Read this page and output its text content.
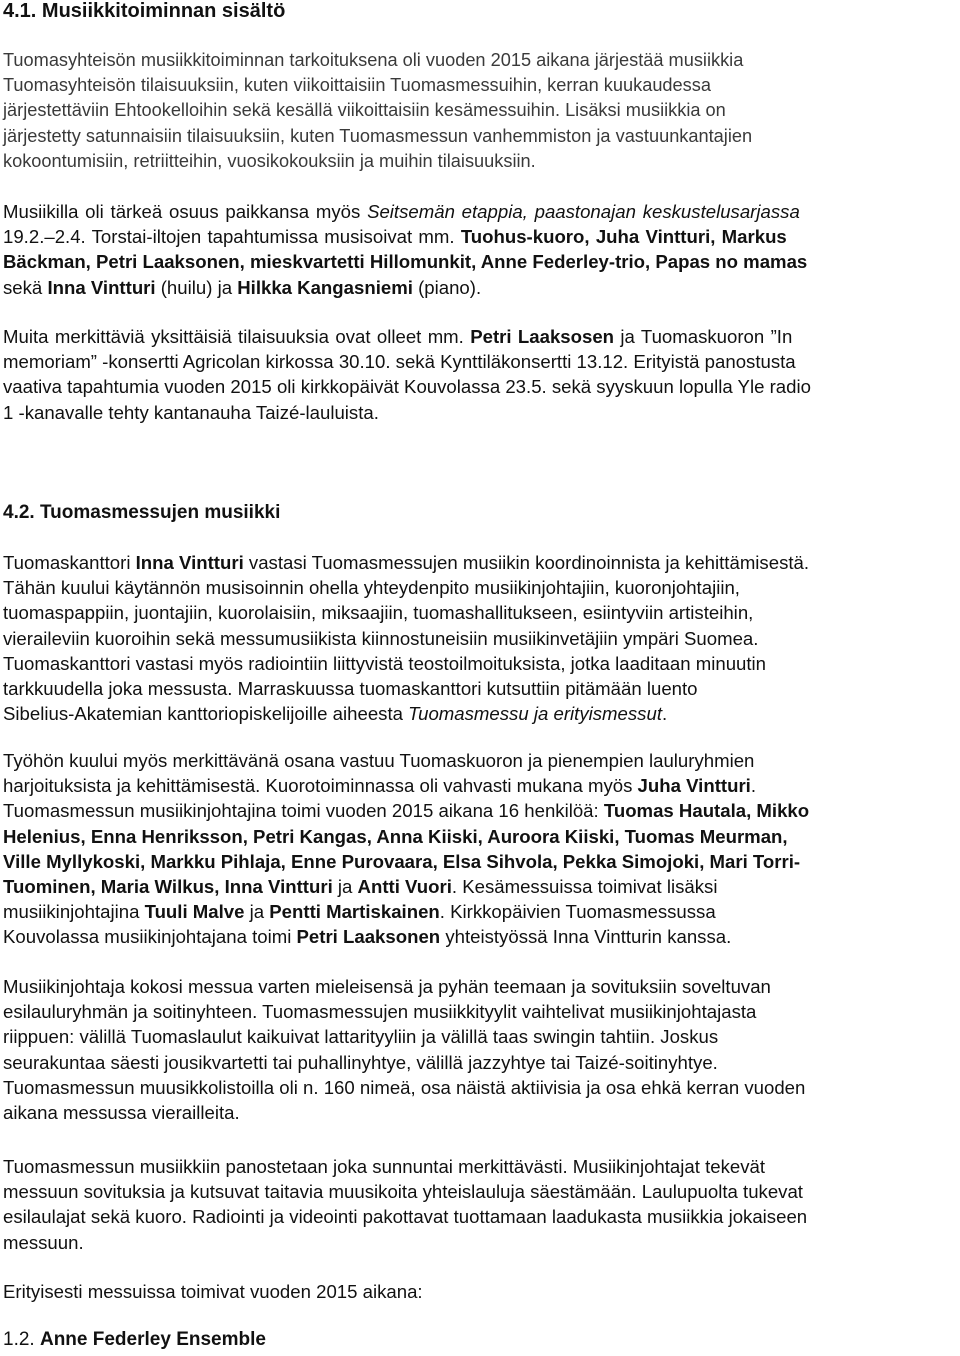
4.1. Musiikkitoiminnan sisältö

Tuomasyhteisön musiikkitoiminnan tarkoituksena oli vuoden 2015 aikana järjestää musiikkia

Tuomasyhteisön tilaisuuksiin, kuten viikoittaisiin Tuomasmessuihin, kerran kuukaudessa

järjestettäviin Ehtookelloihin sekä kesällä viikoittaisiin kesämessuihin. Lisäksi musiikkia on

järjestetty satunnaisiin tilaisuuksiin, kuten Tuomasmessun vanhemmiston ja vastuunkantajien

kokoontumisiin, retriitteihin, vuosikokouksiin ja muihin tilaisuuksiin.

Musiikilla oli tärkeä osuus paikkansa myös Seitsemän etappia, paastonajan keskustelusarjassa

19.2.–2.4. Torstai-iltojen tapahtumissa musisoivat mm. Tuohus-kuoro, Juha Vintturi, Markus

Bäckman, Petri Laaksonen, mieskvartetti Hillomunkit, Anne Federley-trio, Papas no mamas

sekä Inna Vintturi (huilu) ja Hilkka Kangasniemi (piano).

Muita merkittäviä yksittäisiä tilaisuuksia ovat olleet mm. Petri Laaksosen ja Tuomaskuoron ”In

memoriam” -konsertti Agricolan kirkossa 30.10. sekä Kynttiläkonsertti 13.12. Erityistä panostusta

vaativa tapahtumia vuoden 2015 oli kirkkopäivät Kouvolassa 23.5. sekä syyskuun lopulla Yle radio

1 -kanavalle tehty kantanauha Taizé-lauluista.

4.2. Tuomasmessujen musiikki

Tuomaskanttori Inna Vintturi vastasi Tuomasmessujen musiikin koordinoinnista ja kehittämisestä.

Tähän kuului käytännön musisoinnin ohella yhteydenpito musiikinjohtajiin, kuoronjohtajiin,

tuomaspappiin, juontajiin, kuorolaisiin, miksaajiin, tuomashallitukseen, esiintyviin artisteihin,

vieraileviin kuoroihin sekä messumusiikista kiinnostuneisiin musiikinvetäjiin ympäri Suomea.

Tuomaskanttori vastasi myös radiointiin liittyvistä teostoilmoituksista, jotka laaditaan minuutin

tarkkuudella joka messusta. Marraskuussa tuomaskanttori kutsuttiin pitämään luento

Sibelius-Akatemian kanttoriopiskelijoille aiheesta Tuomasmessu ja erityismessut.

Työhön kuului myös merkittävänä osana vastuu Tuomaskuoron ja pienempien lauluryhmien

harjoituksista ja kehittämisestä. Kuorotoiminnassa oli vahvasti mukana myös Juha Vintturi.

Tuomasmessun musiikinjohtajina toimi vuoden 2015 aikana 16 henkilöä: Tuomas Hautala, Mikko

Helenius, Enna Henriksson, Petri Kangas, Anna Kiiski, Auroora Kiiski, Tuomas Meurman,

Ville Myllykoski, Markku Pihlaja, Enne Purovaara, Elsa Sihvola, Pekka Simojoki, Mari Torri-

Tuominen, Maria Wilkus, Inna Vintturi ja Antti Vuori. Kesämessuissa toimivat lisäksi

musiikinjohtajina Tuuli Malve ja Pentti Martiskainen. Kirkkopäivien Tuomasmessussa

Kouvolassa musiikinjohtajana toimi Petri Laaksonen yhteistyössä Inna Vintturin kanssa.

Musiikinjohtaja kokosi messua varten mieleisensä ja pyhän teemaan ja sovituksiin soveltuvan

esilauluryhmän ja soitinyhteen. Tuomasmessujen musiikkityylit vaihtelivat musiikinjohtajasta

riippuen: välillä Tuomaslaulut kaikuivat lattarityyliin ja välillä taas swingin tahtiin. Joskus

seurakuntaa säesti jousikvartetti tai puhallinyhtye, välillä jazzyhtye tai Taizé-soitinyhtye.

Tuomasmessun muusikkolistoilla oli n. 160 nimeä, osa näistä aktiivisia ja osa ehkä kerran vuoden

aikana messussa vierailleita.

Tuomasmessun musiikkiin panostetaan joka sunnuntai merkittävästi. Musiikinjohtajat tekevät

messuun sovituksia ja kutsuvat taitavia muusikoita yhteislauluja säestämään. Laulupuolta tukevat

esilaulajat sekä kuoro. Radiointi ja videointi pakottavat tuottamaan laadukasta musiikkia jokaiseen

messuun.

Erityisesti messuissa toimivat vuoden 2015 aikana:

1.2. Anne Federley Ensemble
